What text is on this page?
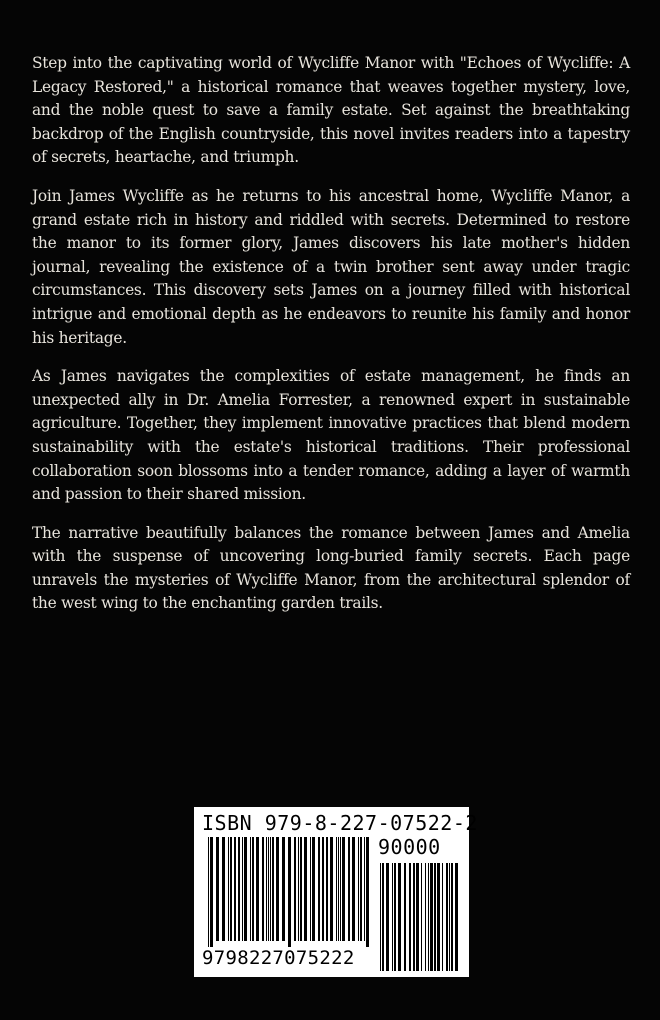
Step into the captivating world of Wycliffe Manor with "Echoes of Wycliffe: A Legacy Restored," a historical romance that weaves together mystery, love, and the noble quest to save a family estate. Set against the breathtaking backdrop of the English countryside, this novel invites readers into a tapestry of secrets, heartache, and triumph.

Join James Wycliffe as he returns to his ancestral home, Wycliffe Manor, a grand estate rich in history and riddled with secrets. Determined to restore the manor to its former glory, James discovers his late mother's hidden journal, revealing the existence of a twin brother sent away under tragic circumstances. This discovery sets James on a journey filled with historical intrigue and emotional depth as he endeavors to reunite his family and honor his heritage.

As James navigates the complexities of estate management, he finds an unexpected ally in Dr. Amelia Forrester, a renowned expert in sustainable agriculture. Together, they implement innovative practices that blend modern sustainability with the estate's historical traditions. Their professional collaboration soon blossoms into a tender romance, adding a layer of warmth and passion to their shared mission.

The narrative beautifully balances the romance between James and Amelia with the suspense of uncovering long-buried family secrets. Each page unravels the mysteries of Wycliffe Manor, from the architectural splendor of the west wing to the enchanting garden trails.

ISBN 979-8-227-07522-2
90000
9798227075222
